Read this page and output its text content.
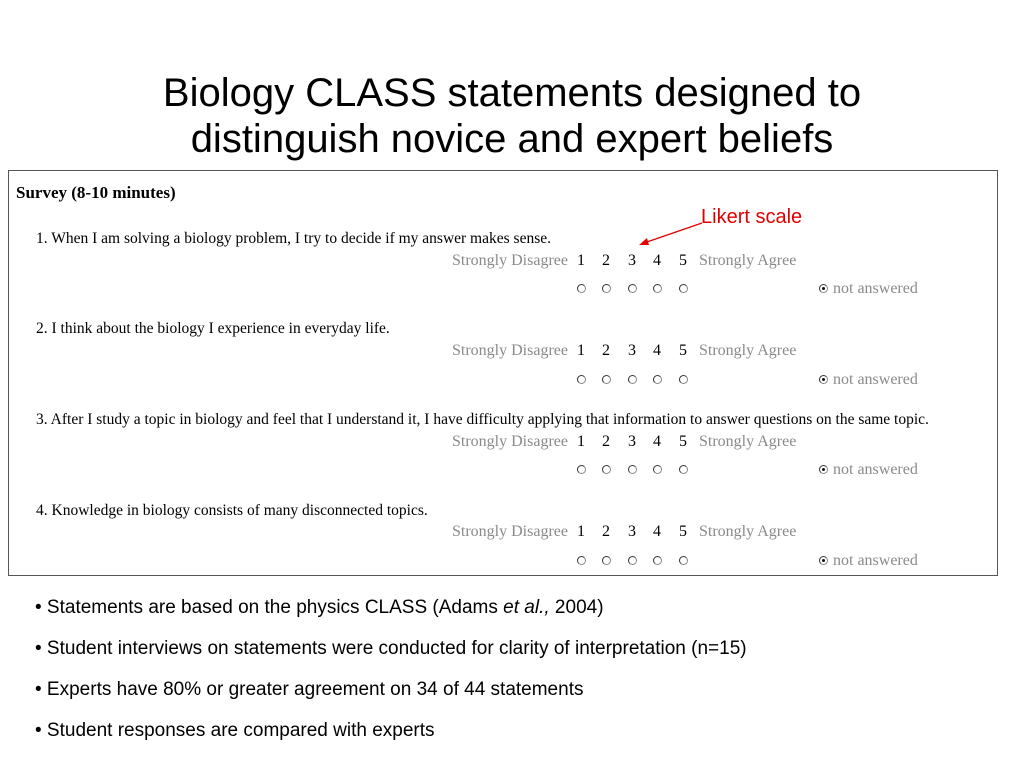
Biology CLASS statements designed to
distinguish novice and expert beliefs
Survey (8-10 minutes)
1. When I am solving a biology problem, I try to decide if my answer makes sense.
Strongly Disagree 1 2 3 4 5 Strongly Agree
not answered
2. I think about the biology I experience in everyday life.
Strongly Disagree 1 2 3 4 5 Strongly Agree
not answered
3. After I study a topic in biology and feel that I understand it, I have difficulty applying that information to answer questions on the same topic.
Strongly Disagree 1 2 3 4 5 Strongly Agree
not answered
4. Knowledge in biology consists of many disconnected topics.
Strongly Disagree 1 2 3 4 5 Strongly Agree
not answered
Likert scale
• Statements are based on the physics CLASS (Adams et al., 2004)
• Student interviews on statements were conducted for clarity of interpretation (n=15)
• Experts have 80% or greater agreement on 34 of 44 statements
• Student responses are compared with experts
